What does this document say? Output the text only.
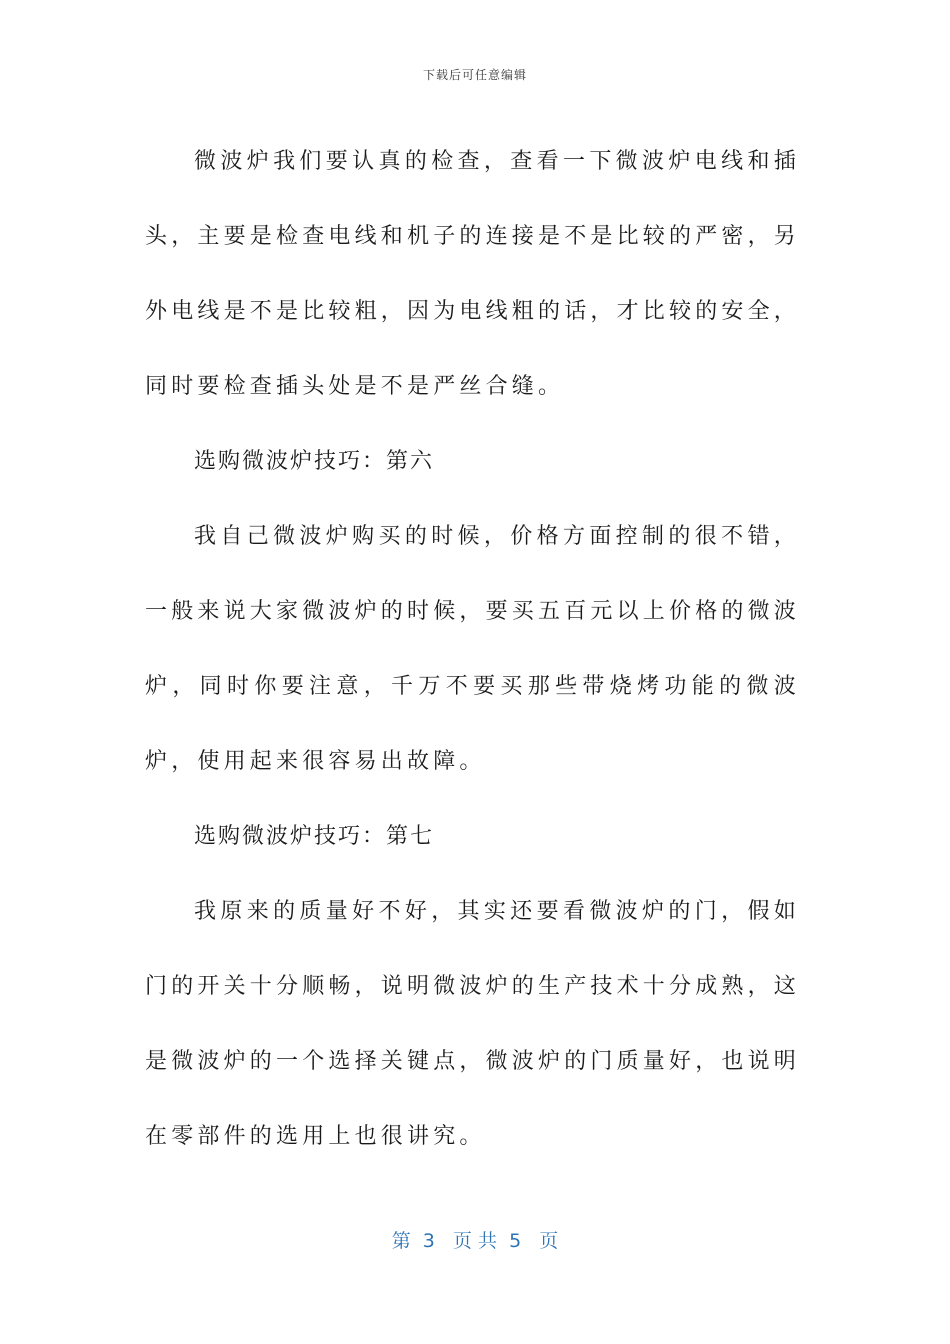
下载后可任意编辑

微波炉我们要认真的检查，查看一下微波炉电线和插头，主要是检查电线和机子的连接是不是比较的严密，另外电线是不是比较粗，因为电线粗的话，才比较的安全，同时要检查插头处是不是严丝合缝。

选购微波炉技巧：第六

我自己微波炉购买的时候，价格方面控制的很不错，一般来说大家微波炉的时候，要买五百元以上价格的微波炉，同时你要注意，千万不要买那些带烧烤功能的微波炉，使用起来很容易出故障。

选购微波炉技巧：第七

我原来的质量好不好，其实还要看微波炉的门，假如门的开关十分顺畅，说明微波炉的生产技术十分成熟，这是微波炉的一个选择关键点，微波炉的门质量好，也说明在零部件的选用上也很讲究。

第  3   页 共  5   页
